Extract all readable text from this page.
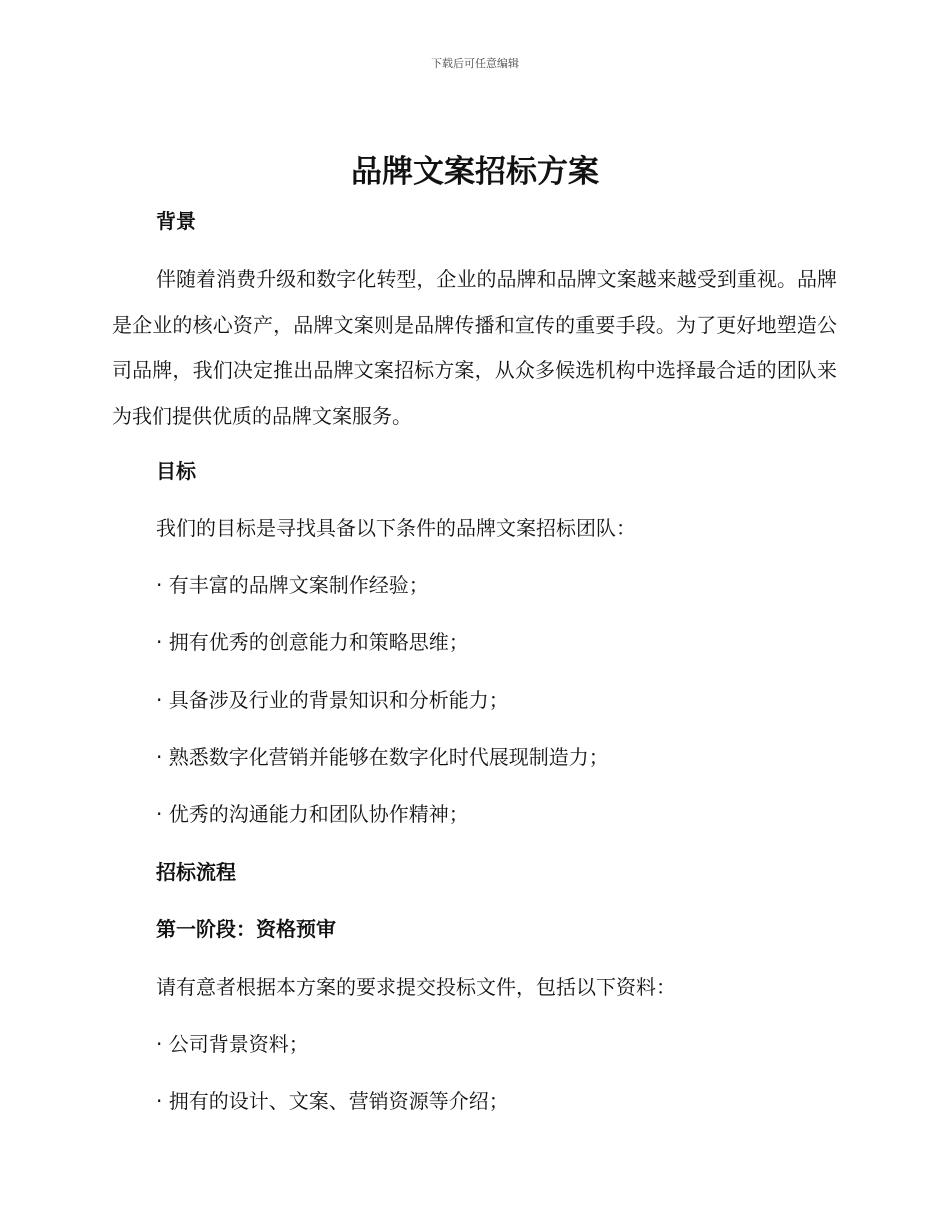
下载后可任意编辑
品牌文案招标方案

背景

伴随着消费升级和数字化转型，企业的品牌和品牌文案越来越受到重视。品牌是企业的核心资产，品牌文案则是品牌传播和宣传的重要手段。为了更好地塑造公司品牌，我们决定推出品牌文案招标方案，从众多候选机构中选择最合适的团队来为我们提供优质的品牌文案服务。

目标

我们的目标是寻找具备以下条件的品牌文案招标团队：

· 有丰富的品牌文案制作经验；

· 拥有优秀的创意能力和策略思维；

· 具备涉及行业的背景知识和分析能力；

· 熟悉数字化营销并能够在数字化时代展现制造力；

· 优秀的沟通能力和团队协作精神；

招标流程

第一阶段：资格预审

请有意者根据本方案的要求提交投标文件，包括以下资料：

· 公司背景资料；

· 拥有的设计、文案、营销资源等介绍；
